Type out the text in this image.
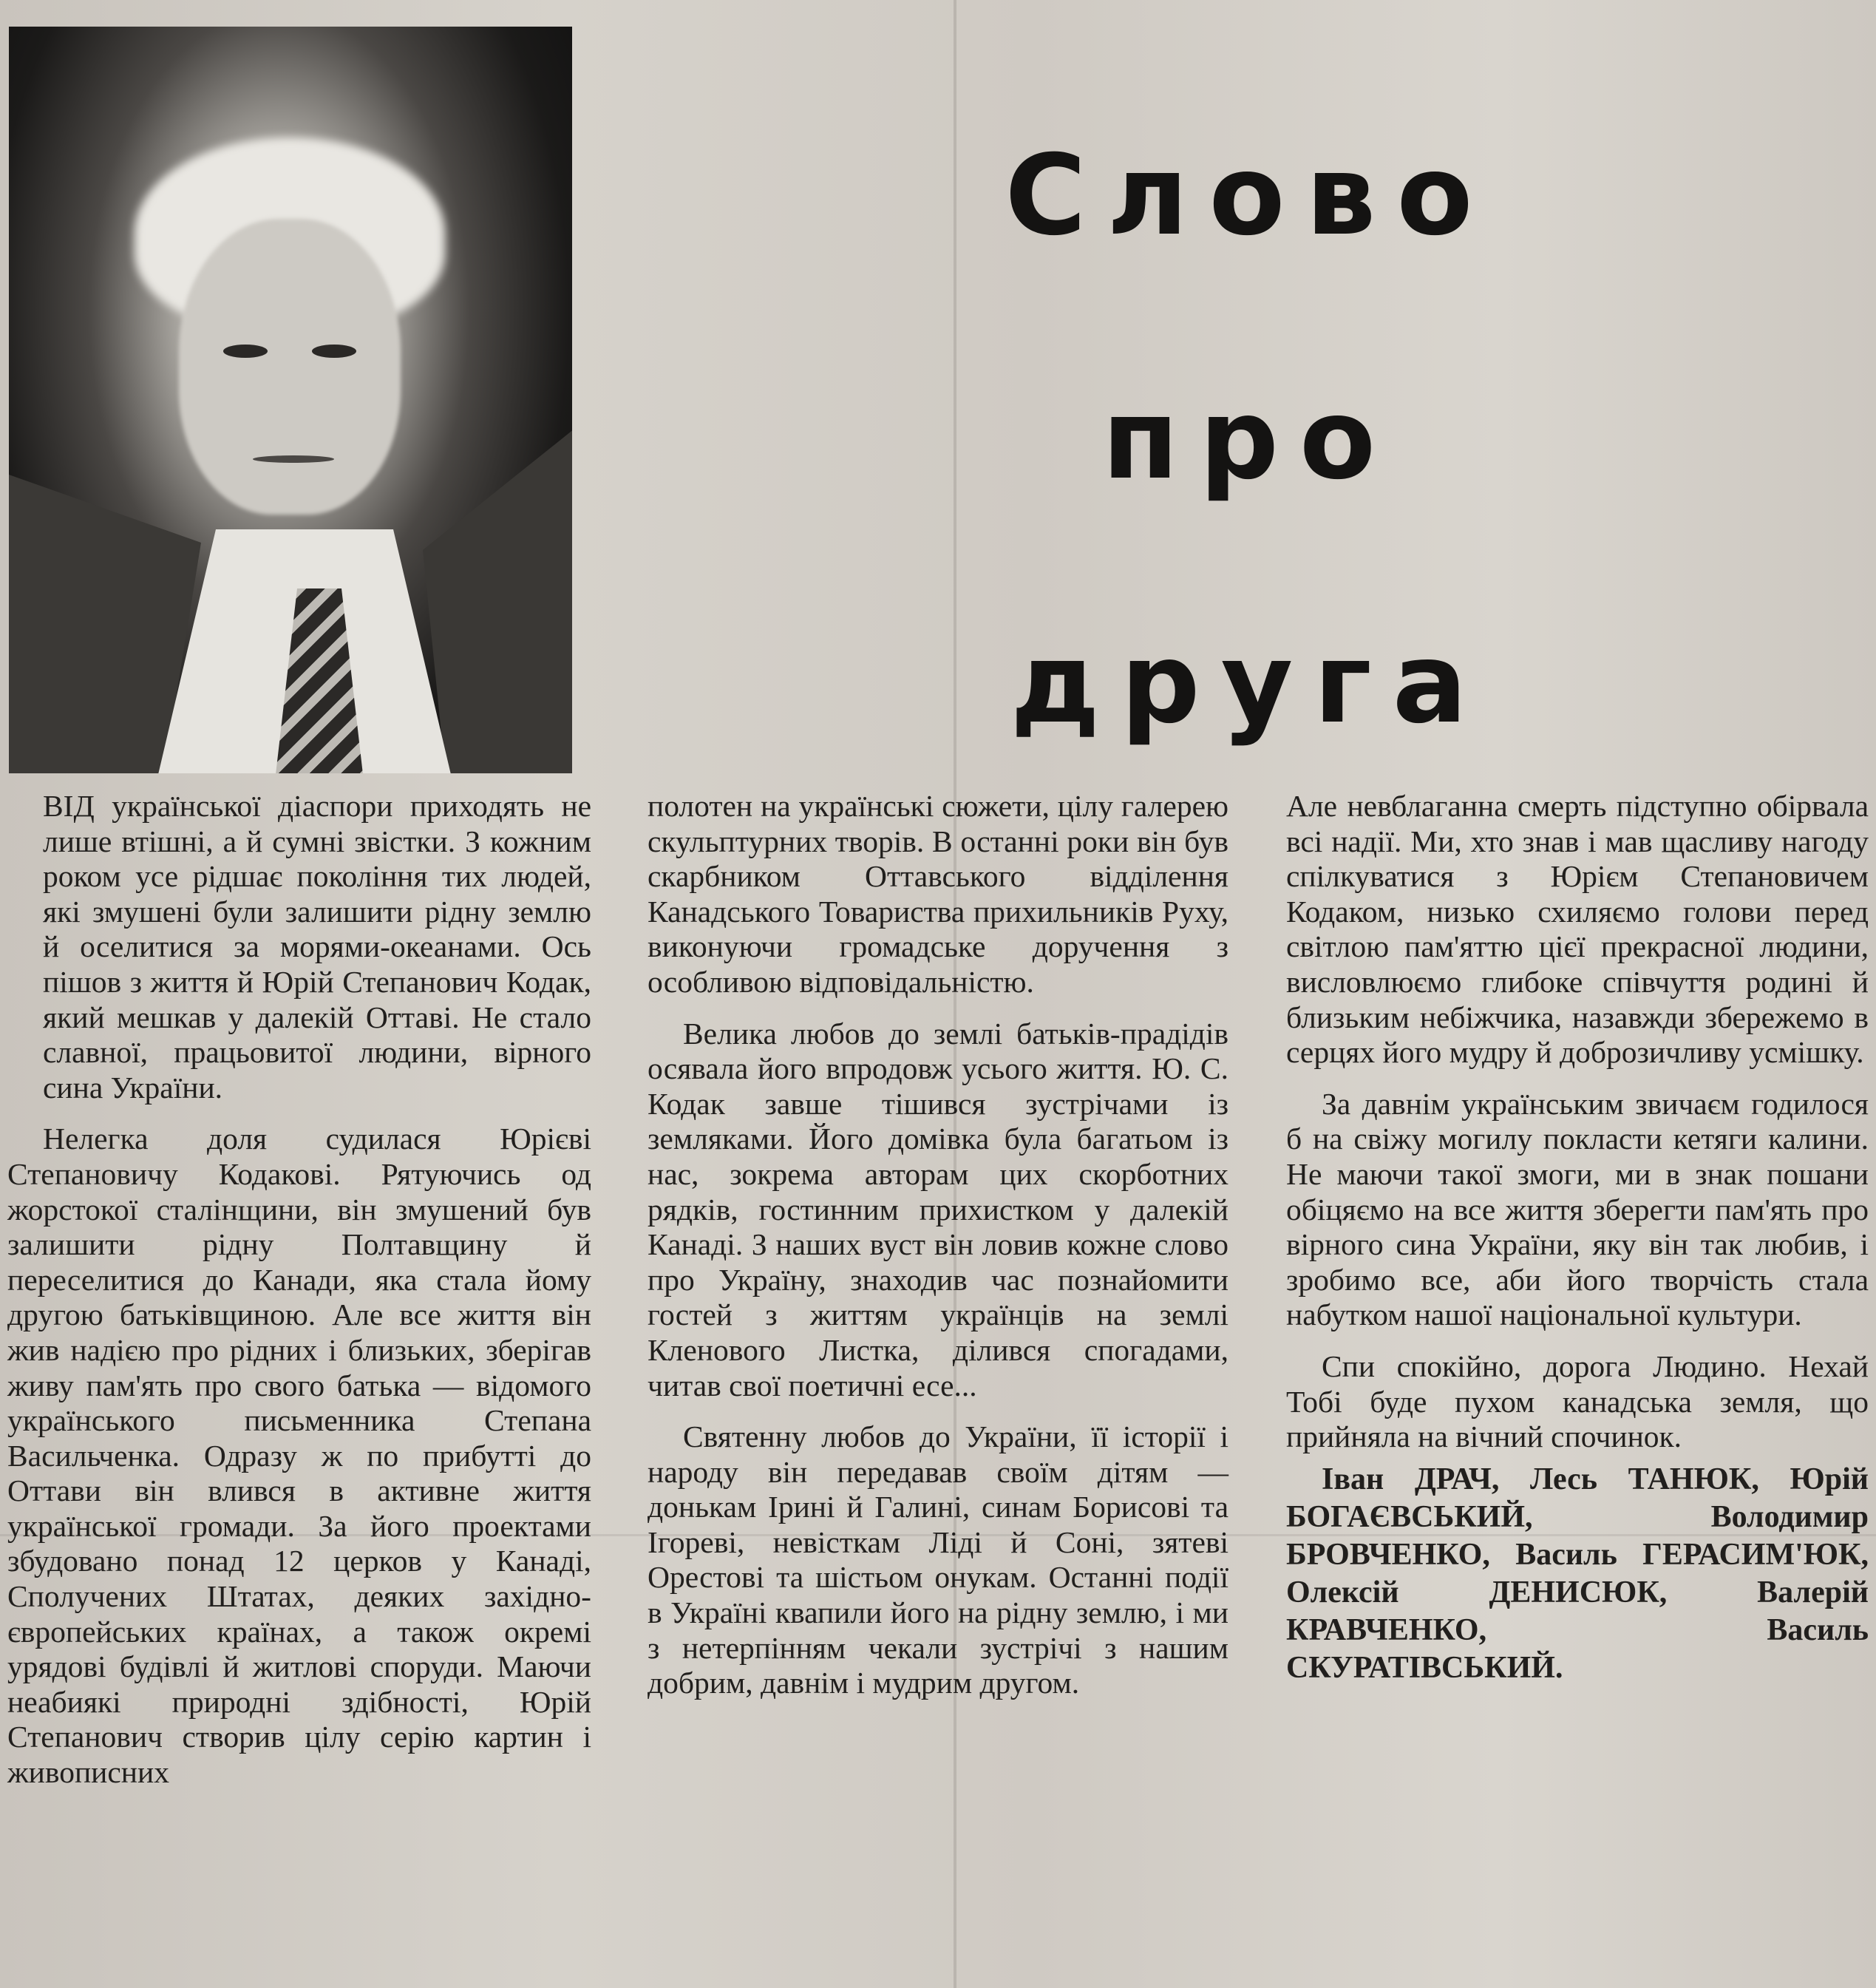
Слово
про
друга

ВІД української діаспори приходять не лише втішні, а й сумні звістки. З кожним роком усе рідшає покоління тих людей, які змушені були залишити рідну землю й оселитися за морями-океанами. Ось пішов з життя й Юрій Степанович Кодак, який мешкав у далекій Оттаві. Не стало славної, працьовитої людини, вірного сина України.

Нелегка доля судилася Юрієві Степановичу Кодакові. Рятуючись од жорстокої сталінщини, він змушений був залишити рідну Полтавщину й переселитися до Канади, яка стала йому другою батьківщиною. Але все життя він жив надією про рідних і близьких, зберігав живу пам'ять про свого батька — відомого українського письменника Степана Васильченка. Одразу ж по прибутті до Оттави він влився в активне життя української громади. За його проектами збудовано понад 12 церков у Канаді, Сполучених Штатах, деяких західно-європейських країнах, а також окремі урядові будівлі й житлові споруди. Маючи неабиякі природні здібності, Юрій Степанович створив цілу серію картин і живописних

полотен на українські сюжети, цілу галерею скульптурних творів. В останні роки він був скарбником Оттавського відділення Канадського Товариства прихильників Руху, виконуючи громадське доручення з особливою відповідальністю.

Велика любов до землі батьків-прадідів осявала його впродовж усього життя. Ю. С. Кодак завше тішився зустрічами із земляками. Його домівка була багатьом із нас, зокрема авторам цих скорботних рядків, гостинним прихистком у далекій Канаді. З наших вуст він ловив кожне слово про Україну, знаходив час познайомити гостей з життям українців на землі Кленового Листка, ділився спогадами, читав свої поетичні есе...

Святенну любов до України, її історії і народу він передавав своїм дітям — донькам Ірині й Галині, синам Борисові та Ігореві, невісткам Ліді й Соні, зятеві Орестові та шістьом онукам. Останні події в Україні квапили його на рідну землю, і ми з нетерпінням чекали зустрічі з нашим добрим, давнім і мудрим другом.

Але невблаганна смерть підступно обірвала всі надії. Ми, хто знав і мав щасливу нагоду спілкуватися з Юрієм Степановичем Кодаком, низько схиляємо голови перед світлою пам'яттю цієї прекрасної людини, висловлюємо глибоке співчуття родині й близьким небіжчика, назавжди збережемо в серцях його мудру й доброзичливу усмішку.

За давнім українським звичаєм годилося б на свіжу могилу покласти кетяги калини. Не маючи такої змоги, ми в знак пошани обіцяємо на все життя зберегти пам'ять про вірного сина України, яку він так любив, і зробимо все, аби його творчість стала набутком нашої національної культури.

Спи спокійно, дорога Людино. Нехай Тобі буде пухом канадська земля, що прийняла на вічний спочинок.

Іван ДРАЧ, Лесь ТАНЮК, Юрій БОГАЄВСЬКИЙ, Володимир БРОВЧЕНКО, Василь ГЕРАСИМ'ЮК, Олексій ДЕНИСЮК, Валерій КРАВЧЕНКО, Василь СКУРАТІВСЬКИЙ.
